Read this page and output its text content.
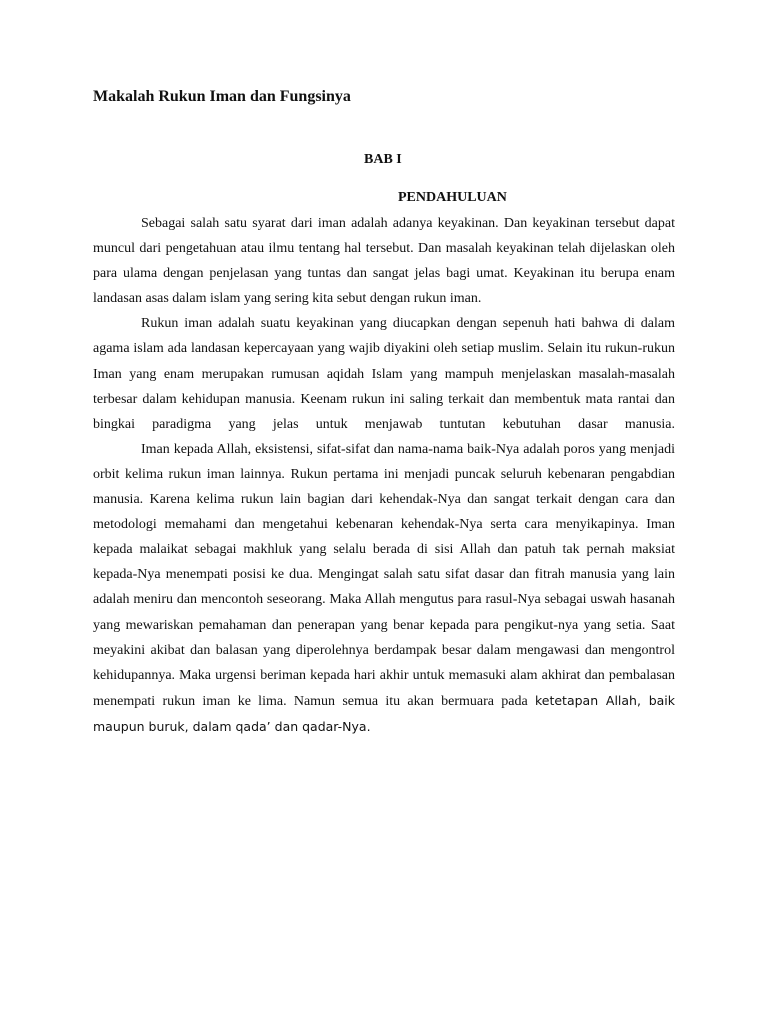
Makalah Rukun Iman dan Fungsinya
BAB I
PENDAHULUAN

Sebagai salah satu syarat dari iman adalah adanya keyakinan. Dan keyakinan tersebut dapat muncul dari pengetahuan atau ilmu tentang hal tersebut. Dan masalah keyakinan telah dijelaskan oleh para ulama dengan penjelasan yang tuntas dan sangat jelas bagi umat. Keyakinan itu berupa enam landasan asas dalam islam yang sering kita sebut dengan rukun iman.

Rukun iman adalah suatu keyakinan yang diucapkan dengan sepenuh hati bahwa di dalam agama islam ada landasan kepercayaan yang wajib diyakini oleh setiap muslim. Selain itu rukun-rukun Iman yang enam merupakan rumusan aqidah Islam yang mampuh menjelaskan masalah-masalah terbesar dalam kehidupan manusia. Keenam rukun ini saling terkait dan membentuk mata rantai dan bingkai paradigma yang jelas untuk menjawab tuntutan kebutuhan dasar manusia.

Iman kepada Allah, eksistensi, sifat-sifat dan nama-nama baik-Nya adalah poros yang menjadi orbit kelima rukun iman lainnya. Rukun pertama ini menjadi puncak seluruh kebenaran pengabdian manusia. Karena kelima rukun lain bagian dari kehendak-Nya dan sangat terkait dengan cara dan metodologi memahami dan mengetahui kebenaran kehendak-Nya serta cara menyikapinya. Iman kepada malaikat sebagai makhluk yang selalu berada di sisi Allah dan patuh tak pernah maksiat kepada-Nya menempati posisi ke dua. Mengingat salah satu sifat dasar dan fitrah manusia yang lain adalah meniru dan mencontoh seseorang. Maka Allah mengutus para rasul-Nya sebagai uswah hasanah yang mewariskan pemahaman dan penerapan yang benar kepada para pengikut-nya yang setia. Saat meyakini akibat dan balasan yang diperolehnya berdampak besar dalam mengawasi dan mengontrol kehidupannya. Maka urgensi beriman kepada hari akhir untuk memasuki alam akhirat dan pembalasan menempati rukun iman ke lima. Namun semua itu akan bermuara pada ketetapan Allah, baik maupun buruk, dalam qada’ dan qadar-Nya.
